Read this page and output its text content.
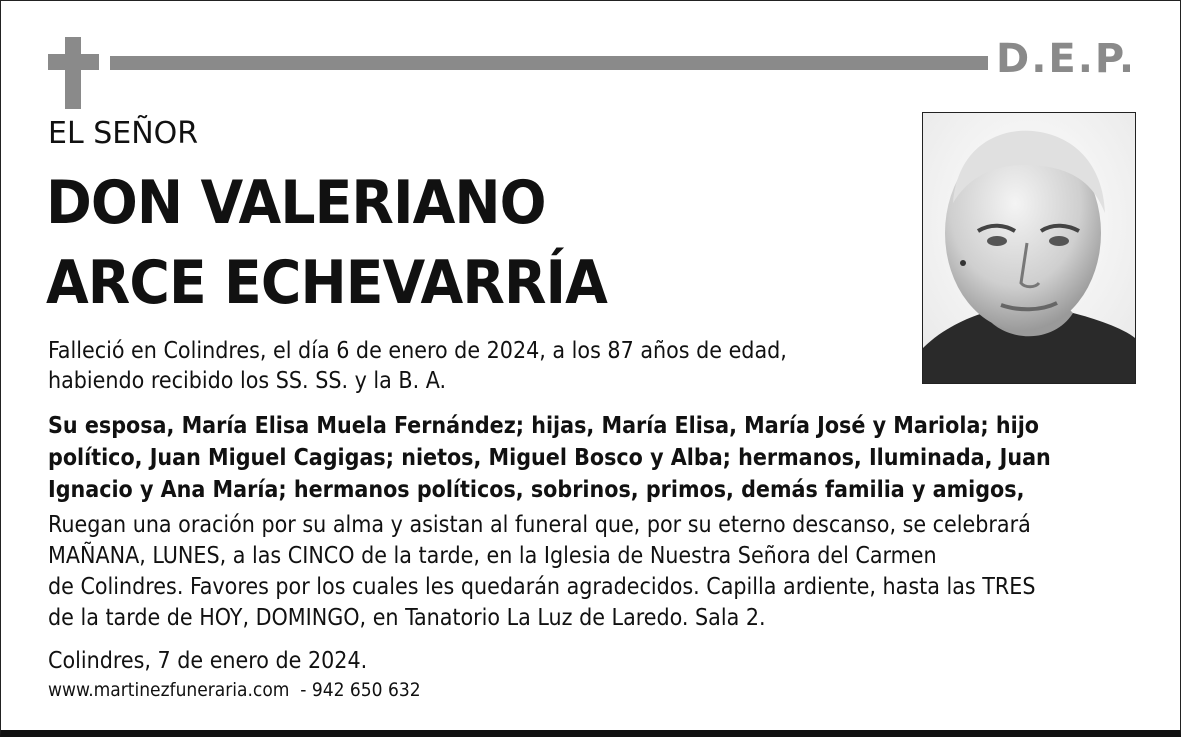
D.E.P.
EL SEÑOR
DON VALERIANO
ARCE ECHEVARRÍA
Falleció en Colindres, el día 6 de enero de 2024, a los 87 años de edad,
habiendo recibido los SS. SS. y la B. A.
Su esposa, María Elisa Muela Fernández; hijas, María Elisa, María José y Mariola; hijo
político, Juan Miguel Cagigas; nietos, Miguel Bosco y Alba; hermanos, Iluminada, Juan
Ignacio y Ana María; hermanos políticos, sobrinos, primos, demás familia y amigos,
Ruegan una oración por su alma y asistan al funeral que, por su eterno descanso, se celebrará
MAÑANA, LUNES, a las CINCO de la tarde, en la Iglesia de Nuestra Señora del Carmen
de Colindres. Favores por los cuales les quedarán agradecidos. Capilla ardiente, hasta las TRES
de la tarde de HOY, DOMINGO, en Tanatorio La Luz de Laredo. Sala 2.
Colindres, 7 de enero de 2024.
www.martinezfuneraria.com  - 942 650 632
